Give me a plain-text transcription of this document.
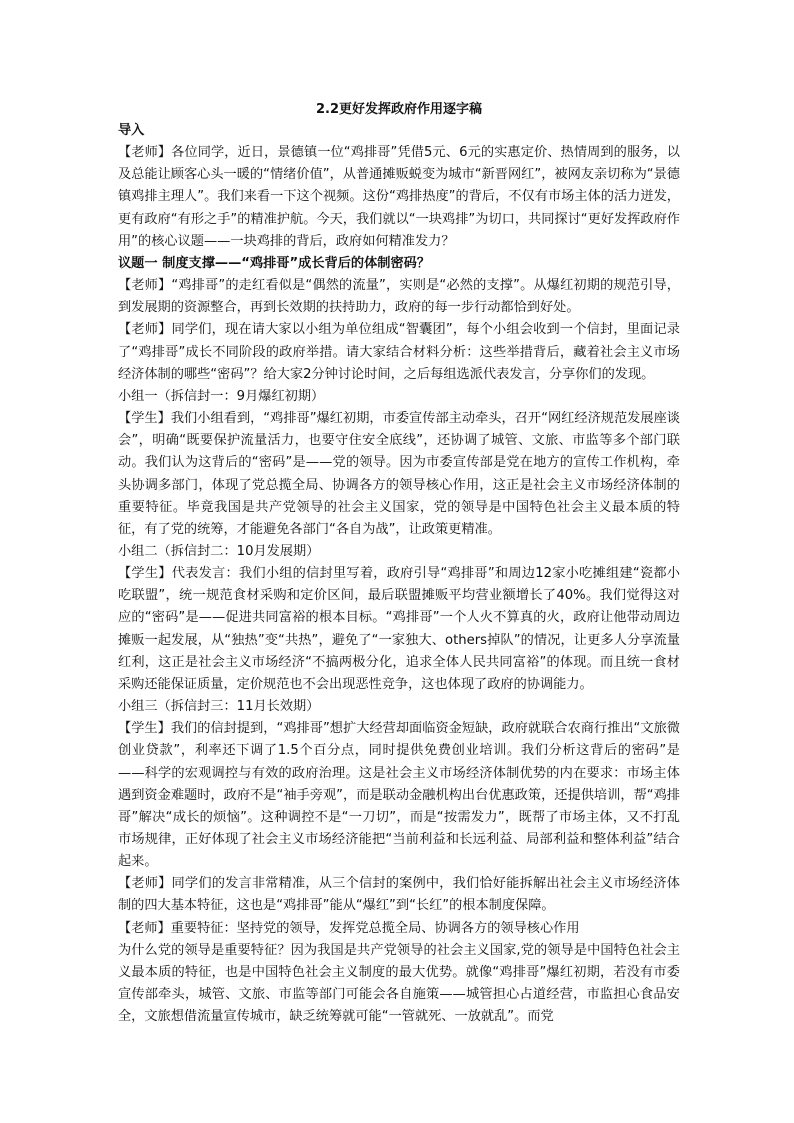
2.2更好发挥政府作用逐字稿

导入

【老师】各位同学，近日，景德镇一位“鸡排哥”凭借5元、6元的实惠定价、热情周到的服务，以及总能让顾客心头一暖的“情绪价值”，从普通摊贩蜕变为城市“新晋网红”，被网友亲切称为“景德镇鸡排主理人”。我们来看一下这个视频。这份“鸡排热度”的背后，不仅有市场主体的活力迸发，更有政府“有形之手”的精准护航。今天，我们就以“一块鸡排”为切口，共同探讨“更好发挥政府作用”的核心议题——一块鸡排的背后，政府如何精准发力？

议题一 制度支撑——“鸡排哥”成长背后的体制密码？

【老师】“鸡排哥”的走红看似是“偶然的流量”，实则是“必然的支撑”。从爆红初期的规范引导，到发展期的资源整合，再到长效期的扶持助力，政府的每一步行动都恰到好处。

【老师】同学们，现在请大家以小组为单位组成“智囊团”，每个小组会收到一个信封，里面记录了“鸡排哥”成长不同阶段的政府举措。请大家结合材料分析：这些举措背后，藏着社会主义市场经济体制的哪些“密码”？给大家2分钟讨论时间，之后每组选派代表发言，分享你们的发现。

小组一（拆信封一：9月爆红初期）

【学生】我们小组看到，“鸡排哥”爆红初期，市委宣传部主动牵头，召开“网红经济规范发展座谈会”，明确“既要保护流量活力，也要守住安全底线”，还协调了城管、文旅、市监等多个部门联动。我们认为这背后的“密码”是——党的领导。因为市委宣传部是党在地方的宣传工作机构，牵头协调多部门，体现了党总揽全局、协调各方的领导核心作用，这正是社会主义市场经济体制的重要特征。毕竟我国是共产党领导的社会主义国家，党的领导是中国特色社会主义最本质的特征，有了党的统筹，才能避免各部门“各自为战”，让政策更精准。

小组二（拆信封二：10月发展期）

【学生】代表发言：我们小组的信封里写着，政府引导“鸡排哥”和周边12家小吃摊组建“瓷都小吃联盟”，统一规范食材采购和定价区间，最后联盟摊贩平均营业额增长了40%。我们觉得这对应的“密码”是——促进共同富裕的根本目标。“鸡排哥”一个人火不算真的火，政府让他带动周边摊贩一起发展，从“独热”变“共热”，避免了“一家独大、others掉队”的情况，让更多人分享流量红利，这正是社会主义市场经济“不搞两极分化，追求全体人民共同富裕”的体现。而且统一食材采购还能保证质量，定价规范也不会出现恶性竞争，这也体现了政府的协调能力。

小组三（拆信封三：11月长效期）

【学生】我们的信封提到，“鸡排哥”想扩大经营却面临资金短缺，政府就联合农商行推出“文旅微创业贷款”，利率还下调了1.5个百分点，同时提供免费创业培训。我们分析这背后的密码”是——科学的宏观调控与有效的政府治理。这是社会主义市场经济体制优势的内在要求：市场主体遇到资金难题时，政府不是“袖手旁观”，而是联动金融机构出台优惠政策，还提供培训，帮“鸡排哥”解决“成长的烦恼”。这种调控不是“一刀切”，而是“按需发力”，既帮了市场主体，又不打乱市场规律，正好体现了社会主义市场经济能把“当前利益和长远利益、局部利益和整体利益”结合起来。

【老师】同学们的发言非常精准，从三个信封的案例中，我们恰好能拆解出社会主义市场经济体制的四大基本特征，这也是“鸡排哥”能从“爆红”到“长红”的根本制度保障。

【老师】重要特征：坚持党的领导，发挥党总揽全局、协调各方的领导核心作用

为什么党的领导是重要特征？因为我国是共产党领导的社会主义国家,党的领导是中国特色社会主义最本质的特征，也是中国特色社会主义制度的最大优势。就像“鸡排哥”爆红初期，若没有市委宣传部牵头，城管、文旅、市监等部门可能会各自施策——城管担心占道经营，市监担心食品安全，文旅想借流量宣传城市，缺乏统筹就可能“一管就死、一放就乱”。而党
